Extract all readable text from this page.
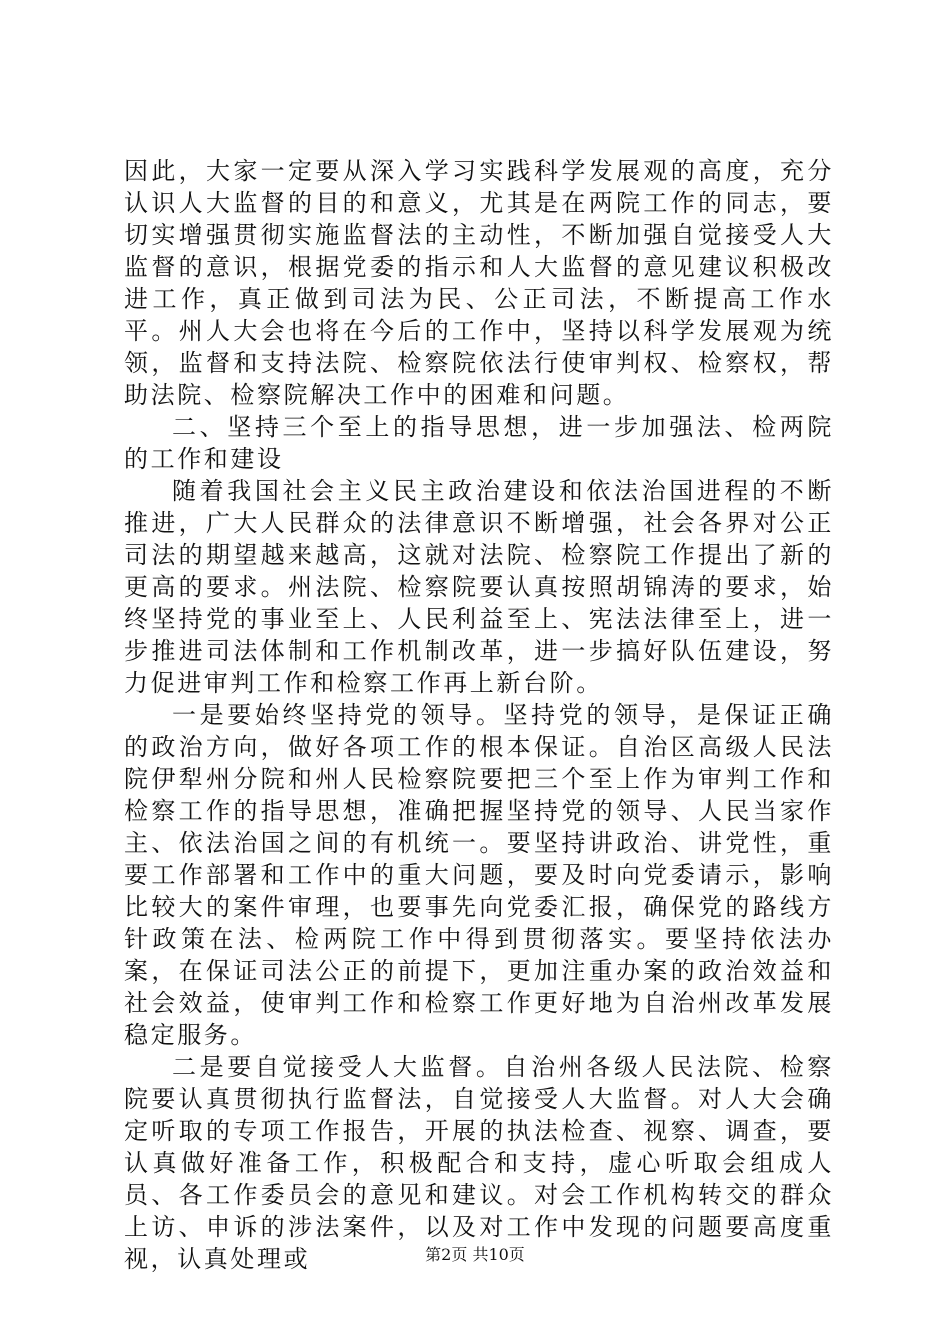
因此，大家一定要从深入学习实践科学发展观的高度，充分认识人大监督的目的和意义，尤其是在两院工作的同志，要切实增强贯彻实施监督法的主动性，不断加强自觉接受人大监督的意识，根据党委的指示和人大监督的意见建议积极改进工作，真正做到司法为民、公正司法，不断提高工作水平。州人大会也将在今后的工作中，坚持以科学发展观为统领，监督和支持法院、检察院依法行使审判权、检察权，帮助法院、检察院解决工作中的困难和问题。

二、坚持三个至上的指导思想，进一步加强法、检两院的工作和建设

随着我国社会主义民主政治建设和依法治国进程的不断推进，广大人民群众的法律意识不断增强，社会各界对公正司法的期望越来越高，这就对法院、检察院工作提出了新的更高的要求。州法院、检察院要认真按照胡锦涛的要求，始终坚持党的事业至上、人民利益至上、宪法法律至上，进一步推进司法体制和工作机制改革，进一步搞好队伍建设，努力促进审判工作和检察工作再上新台阶。

一是要始终坚持党的领导。坚持党的领导，是保证正确的政治方向，做好各项工作的根本保证。自治区高级人民法院伊犁州分院和州人民检察院要把三个至上作为审判工作和检察工作的指导思想，准确把握坚持党的领导、人民当家作主、依法治国之间的有机统一。要坚持讲政治、讲党性，重要工作部署和工作中的重大问题，要及时向党委请示，影响比较大的案件审理，也要事先向党委汇报，确保党的路线方针政策在法、检两院工作中得到贯彻落实。要坚持依法办案，在保证司法公正的前提下，更加注重办案的政治效益和社会效益，使审判工作和检察工作更好地为自治州改革发展稳定服务。

二是要自觉接受人大监督。自治州各级人民法院、检察院要认真贯彻执行监督法，自觉接受人大监督。对人大会确定听取的专项工作报告，开展的执法检查、视察、调查，要认真做好准备工作，积极配合和支持，虚心听取会组成人员、各工作委员会的意见和建议。对会工作机构转交的群众上访、申诉的涉法案件，以及对工作中发现的问题要高度重视，认真处理或	第2页 共10页
